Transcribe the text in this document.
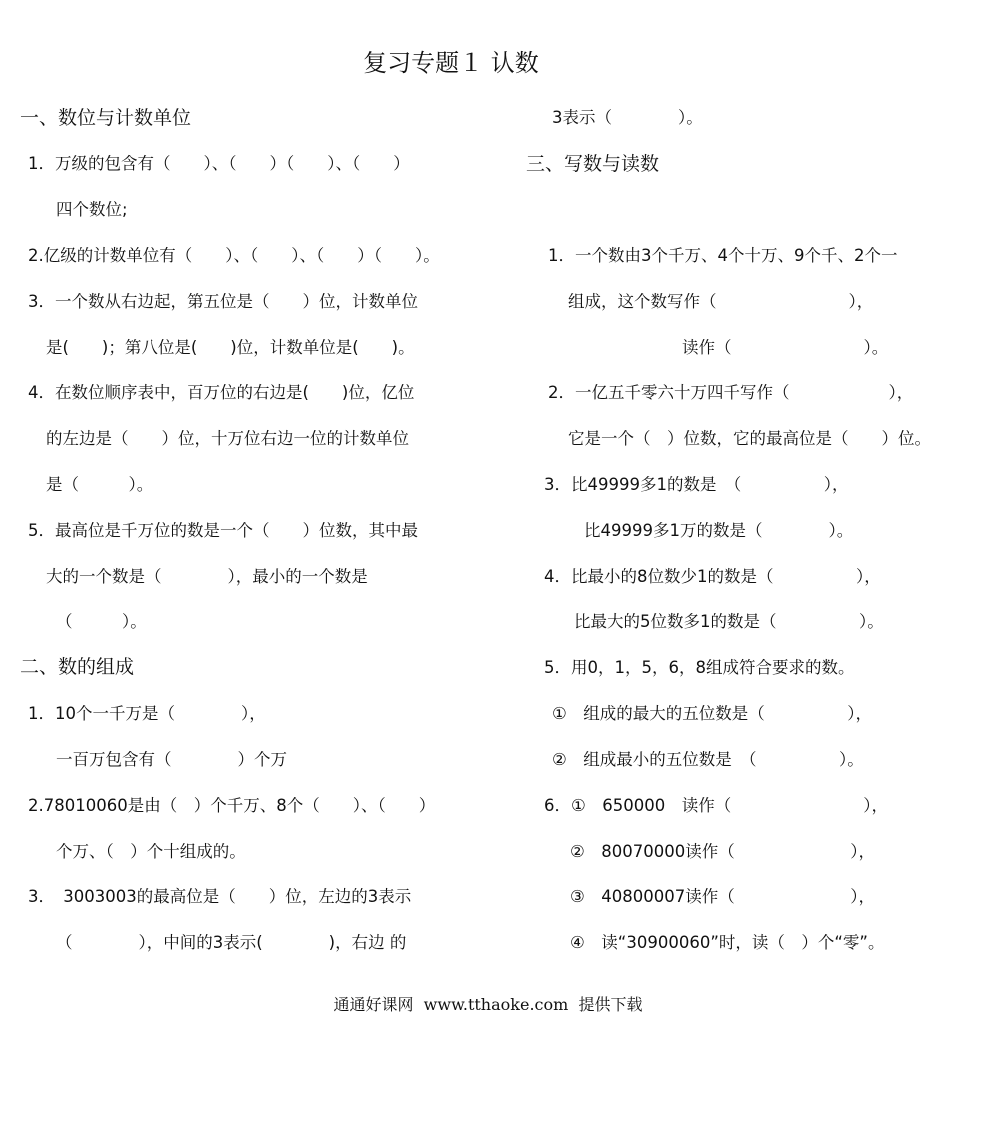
复习专题１ 认数
一、数位与计数单位
1．万级的包含有（　　）、（　　）（　　）、（　　）
四个数位;
2.亿级的计数单位有（　　）、（　　）、（　　）（　　）。
3．一个数从右边起，第五位是（　　）位，计数单位
是(　　)；第八位是(　　)位，计数单位是(　　)。
4．在数位顺序表中，百万位的右边是(　　)位，亿位
的左边是（　　）位，十万位右边一位的计数单位
是（　　　）。
5．最高位是千万位的数是一个（　　）位数，其中最
大的一个数是（　　　　），最小的一个数是
（　　　）。
二、数的组成
1．10个一千万是（　　　　），
一百万包含有（　　　　）个万
2.78010060是由（　）个千万、8个（　　）、（　　）
个万、（　）个十组成的。
3．　3003003的最高位是（　　）位，左边的3表示
（　　　　），中间的3表示(　　　　)，右边 的
3表示（　　　　）。
三、写数与读数
1．一个数由3个千万、4个十万、9个千、2个一
组成，这个数写作（　　　　　　　　），
读作（　　　　　　　　）。
2．一亿五千零六十万四千写作（　　　　　　），
它是一个（　）位数，它的最高位是（　　）位。
3．比49999多1的数是　（　　　　　），
比49999多1万的数是（　　　　）。
4．比最小的8位数少1的数是（　　　　　），
比最大的5位数多1的数是（　　　　　）。
5．用0，1，5，6，8组成符合要求的数。
①　组成的最大的五位数是（　　　　　），
②　组成最小的五位数是　（　　　　　）。
6．①　650000　读作（　　　　　　　　），
②　80070000读作（　　　　　　　），
③　40800007读作（　　　　　　　），
④　读“30900060”时，读（　）个“零”。
通通好课网  www.tthaoke.com  提供下载
